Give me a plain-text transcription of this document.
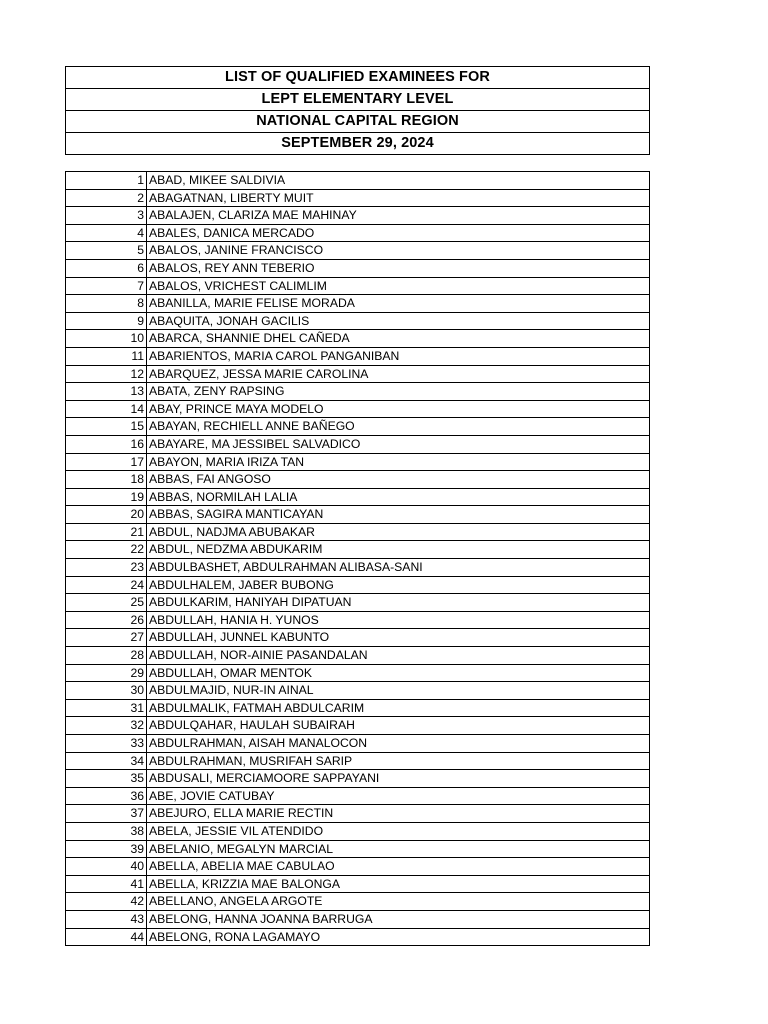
LIST OF QUALIFIED EXAMINEES FOR
LEPT ELEMENTARY LEVEL
NATIONAL CAPITAL REGION
SEPTEMBER 29, 2024
1	ABAD, MIKEE SALDIVIA
2	ABAGATNAN, LIBERTY MUIT
3	ABALAJEN, CLARIZA MAE MAHINAY
4	ABALES, DANICA MERCADO
5	ABALOS, JANINE FRANCISCO
6	ABALOS, REY ANN TEBERIO
7	ABALOS, VRICHEST CALIMLIM
8	ABANILLA, MARIE FELISE MORADA
9	ABAQUITA, JONAH GACILIS
10	ABARCA, SHANNIE DHEL CAÑEDA
11	ABARIENTOS, MARIA CAROL PANGANIBAN
12	ABARQUEZ, JESSA MARIE CAROLINA
13	ABATA, ZENY RAPSING
14	ABAY, PRINCE MAYA MODELO
15	ABAYAN, RECHIELL ANNE BAÑEGO
16	ABAYARE, MA JESSIBEL SALVADICO
17	ABAYON, MARIA IRIZA TAN
18	ABBAS, FAI ANGOSO
19	ABBAS, NORMILAH LALIA
20	ABBAS, SAGIRA MANTICAYAN
21	ABDUL, NADJMA ABUBAKAR
22	ABDUL, NEDZMA ABDUKARIM
23	ABDULBASHET, ABDULRAHMAN ALIBASA-SANI
24	ABDULHALEM, JABER BUBONG
25	ABDULKARIM, HANIYAH DIPATUAN
26	ABDULLAH, HANIA H. YUNOS
27	ABDULLAH, JUNNEL KABUNTO
28	ABDULLAH, NOR-AINIE PASANDALAN
29	ABDULLAH, OMAR MENTOK
30	ABDULMAJID, NUR-IN AINAL
31	ABDULMALIK, FATMAH ABDULCARIM
32	ABDULQAHAR, HAULAH SUBAIRAH
33	ABDULRAHMAN, AISAH MANALOCON
34	ABDULRAHMAN, MUSRIFAH SARIP
35	ABDUSALI, MERCIAMOORE SAPPAYANI
36	ABE, JOVIE CATUBAY
37	ABEJURO, ELLA MARIE RECTIN
38	ABELA, JESSIE VIL ATENDIDO
39	ABELANIO, MEGALYN MARCIAL
40	ABELLA, ABELIA MAE CABULAO
41	ABELLA, KRIZZIA MAE BALONGA
42	ABELLANO, ANGELA ARGOTE
43	ABELONG, HANNA JOANNA BARRUGA
44	ABELONG, RONA LAGAMAYO
